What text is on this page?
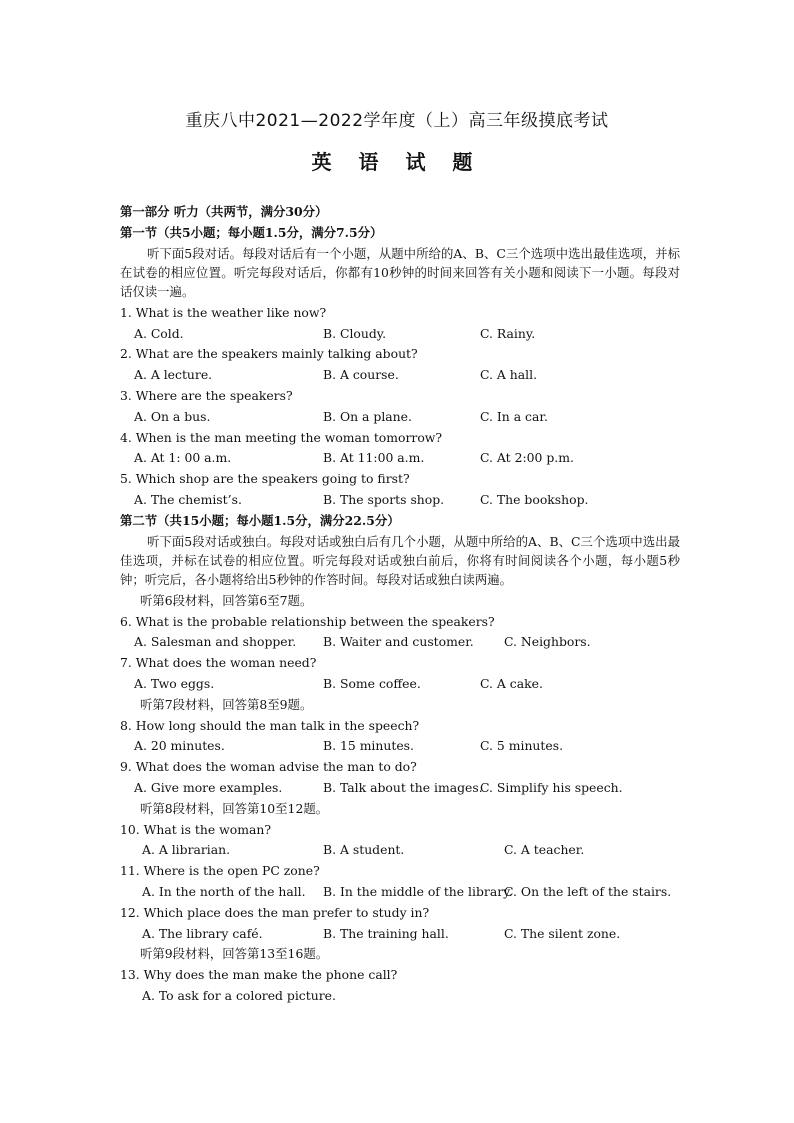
重庆八中2021—2022学年度（上）高三年级摸底考试
英 语 试 题
第一部分 听力（共两节，满分30分）
第一节（共5小题；每小题1.5分，满分7.5分）
听下面5段对话。每段对话后有一个小题，从题中所给的A、B、C三个选项中选出最佳选项，并标在试卷的相应位置。听完每段对话后，你都有10秒钟的时间来回答有关小题和阅读下一小题。每段对话仅读一遍。
1. What is the weather like now?
A. Cold.	B. Cloudy.	C. Rainy.
2. What are the speakers mainly talking about?
A. A lecture.	B. A course.	C. A hall.
3. Where are the speakers?
A. On a bus.	B. On a plane.	C. In a car.
4. When is the man meeting the woman tomorrow?
A. At 1: 00 a.m.	B. At 11:00 a.m.	C. At 2:00 p.m.
5. Which shop are the speakers going to first?
A. The chemist’s.	B. The sports shop.	C. The bookshop.
第二节（共15小题；每小题1.5分，满分22.5分）
听下面5段对话或独白。每段对话或独白后有几个小题，从题中所给的A、B、C三个选项中选出最佳选项，并标在试卷的相应位置。听完每段对话或独白前后，你将有时间阅读各个小题，每小题5秒钟；听完后，各小题将给出5秒钟的作答时间。每段对话或独白读两遍。
听第6段材料，回答第6至7题。
6. What is the probable relationship between the speakers?
A. Salesman and shopper. B. Waiter and customer. C. Neighbors.
7. What does the woman need?
A. Two eggs.	B. Some coffee.	C. A cake.
听第7段材料，回答第8至9题。
8. How long should the man talk in the speech?
A. 20 minutes.	B. 15 minutes.	C. 5 minutes.
9. What does the woman advise the man to do?
A. Give more examples.	B. Talk about the images.
C. Simplify his speech.
听第8段材料，回答第10至12题。
10. What is the woman?
A. A librarian.	B. A student.	C. A teacher.
11. Where is the open PC zone?
A. In the north of the hall. B. In the middle of the library.
C. On the left of the stairs.
12. Which place does the man prefer to study in?
A. The library café.	B. The training hall.	C. The silent zone.
听第9段材料，回答第13至16题。
13. Why does the man make the phone call?
A. To ask for a colored picture.
